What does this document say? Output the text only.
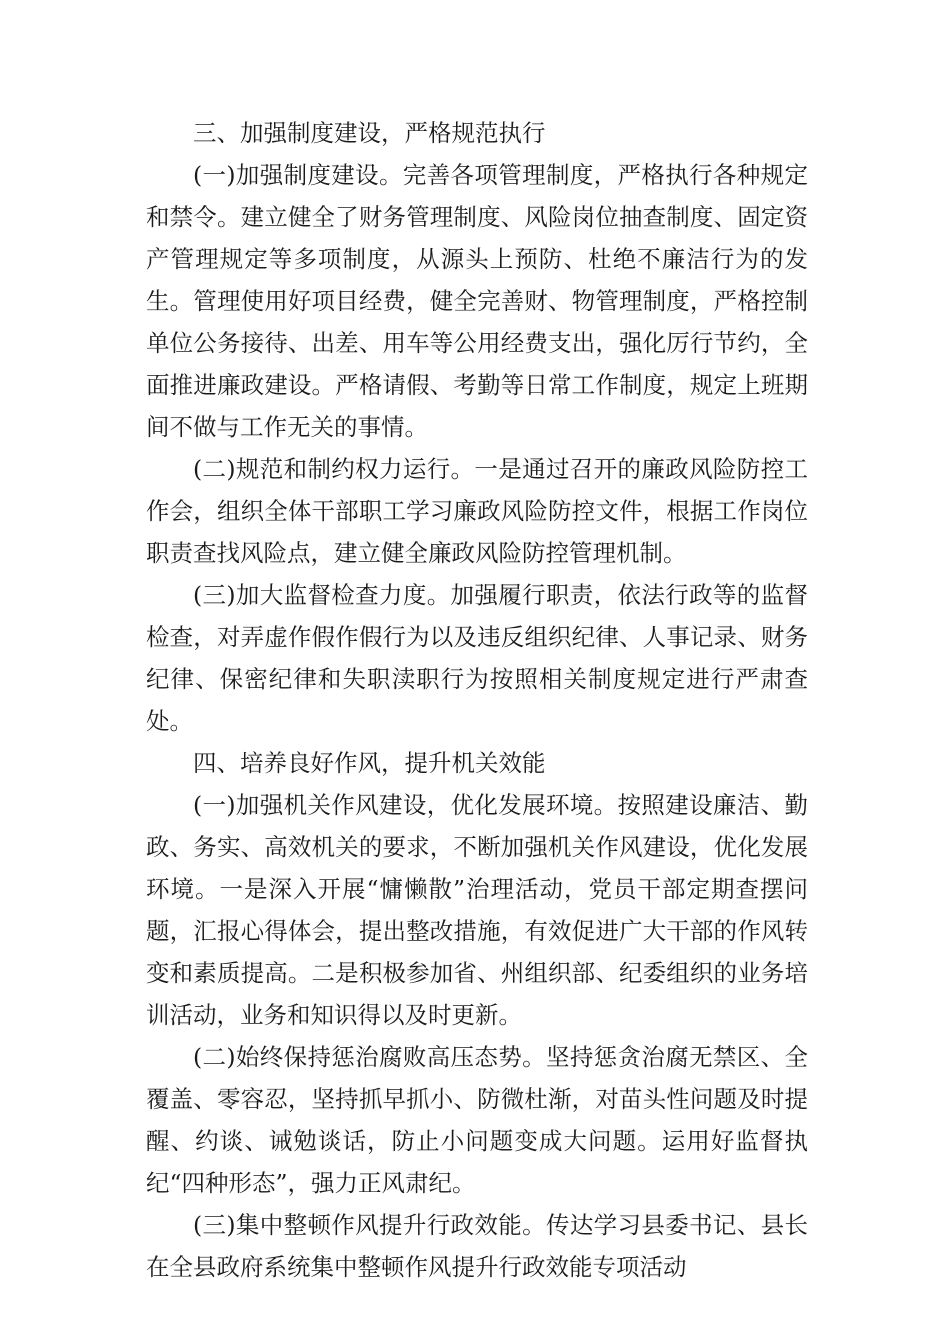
三、加强制度建设，严格规范执行

(一)加强制度建设。完善各项管理制度，严格执行各种规定和禁令。建立健全了财务管理制度、风险岗位抽查制度、固定资产管理规定等多项制度，从源头上预防、杜绝不廉洁行为的发生。管理使用好项目经费，健全完善财、物管理制度，严格控制单位公务接待、出差、用车等公用经费支出，强化厉行节约，全面推进廉政建设。严格请假、考勤等日常工作制度，规定上班期间不做与工作无关的事情。

(二)规范和制约权力运行。一是通过召开的廉政风险防控工作会，组织全体干部职工学习廉政风险防控文件，根据工作岗位职责查找风险点，建立健全廉政风险防控管理机制。

(三)加大监督检查力度。加强履行职责，依法行政等的监督检查，对弄虚作假作假行为以及违反组织纪律、人事记录、财务纪律、保密纪律和失职渎职行为按照相关制度规定进行严肃查处。

四、培养良好作风，提升机关效能

(一)加强机关作风建设，优化发展环境。按照建设廉洁、勤政、务实、高效机关的要求，不断加强机关作风建设，优化发展环境。一是深入开展“慵懒散”治理活动，党员干部定期查摆问题，汇报心得体会，提出整改措施，有效促进广大干部的作风转变和素质提高。二是积极参加省、州组织部、纪委组织的业务培训活动，业务和知识得以及时更新。

(二)始终保持惩治腐败高压态势。坚持惩贪治腐无禁区、全覆盖、零容忍，坚持抓早抓小、防微杜渐，对苗头性问题及时提醒、约谈、诫勉谈话，防止小问题变成大问题。运用好监督执纪“四种形态”，强力正风肃纪。

(三)集中整顿作风提升行政效能。传达学习县委书记、县长在全县政府系统集中整顿作风提升行政效能专项活动
